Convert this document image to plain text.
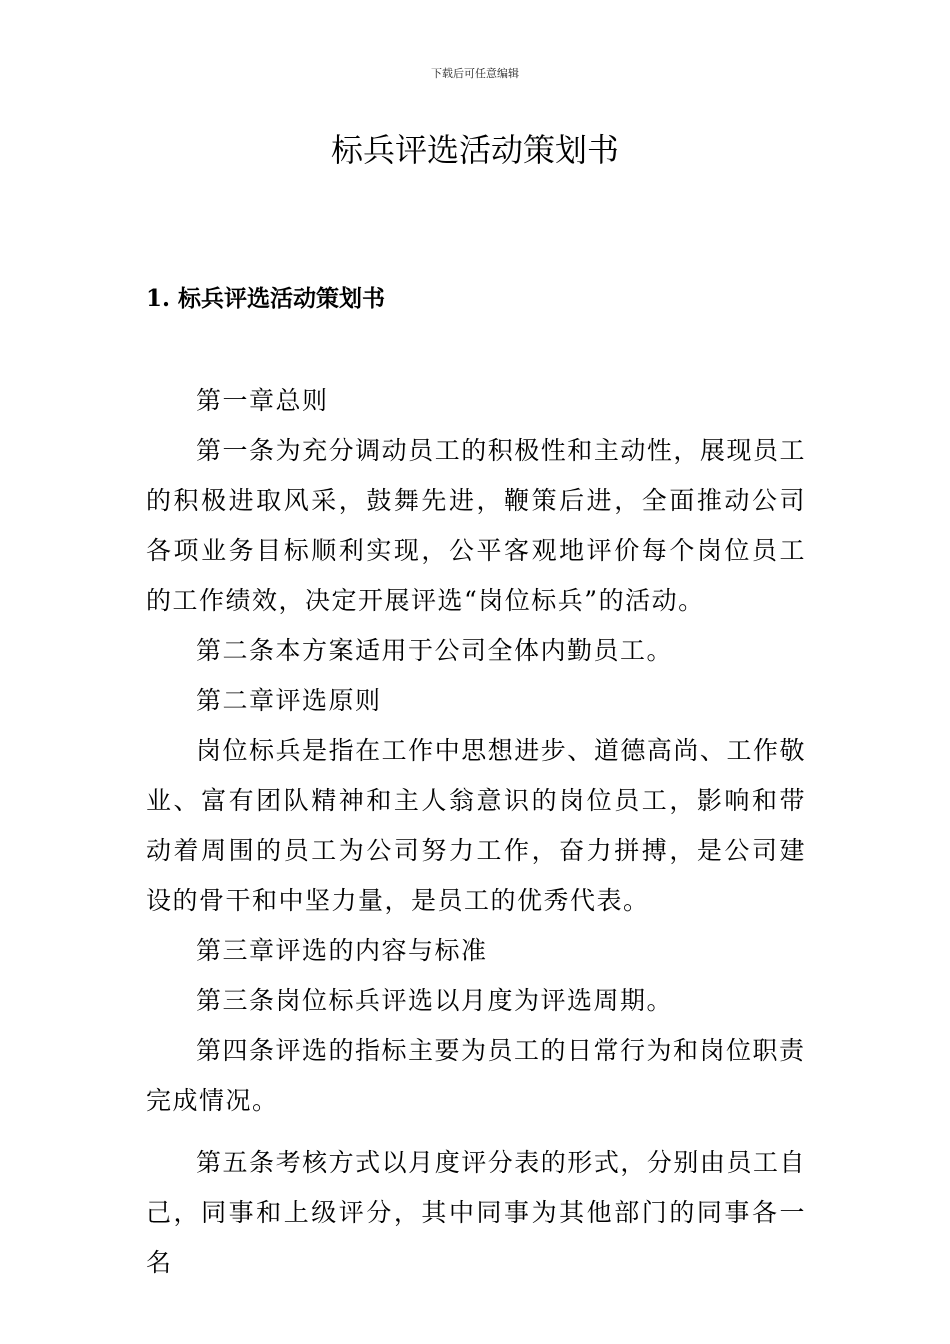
下载后可任意编辑
标兵评选活动策划书
1. 标兵评选活动策划书

第一章总则

第一条为充分调动员工的积极性和主动性，展现员工的积极进取风采，鼓舞先进，鞭策后进，全面推动公司各项业务目标顺利实现，公平客观地评价每个岗位员工的工作绩效，决定开展评选“岗位标兵”的活动。

第二条本方案适用于公司全体内勤员工。

第二章评选原则

岗位标兵是指在工作中思想进步、道德高尚、工作敬业、富有团队精神和主人翁意识的岗位员工，影响和带动着周围的员工为公司努力工作，奋力拼搏，是公司建设的骨干和中坚力量，是员工的优秀代表。

第三章评选的内容与标准

第三条岗位标兵评选以月度为评选周期。

第四条评选的指标主要为员工的日常行为和岗位职责完成情况。

第五条考核方式以月度评分表的形式，分别由员工自己，同事和上级评分，其中同事为其他部门的同事各一名
